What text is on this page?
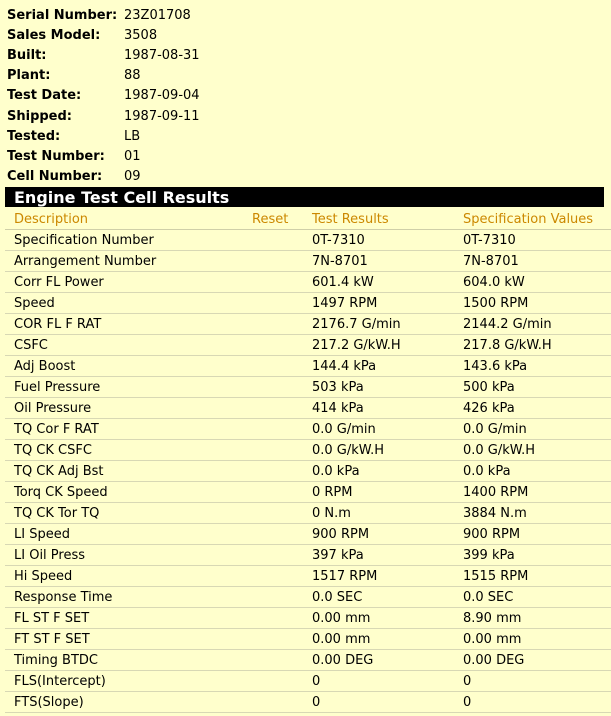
Serial Number: 23Z01708
Sales Model:	3508
Built:	1987-08-31
Plant:	88
Test Date:	1987-09-04
Shipped:	1987-09-11
Tested:	LB
Test Number:	01
Cell Number:	09
Engine Test Cell Results
Description	Reset	Test Results	Specification Values
Specification Number		0T-7310	0T-7310
Arrangement Number		7N-8701	7N-8701
Corr FL Power		601.4 kW	604.0 kW
Speed		1497 RPM	1500 RPM
COR FL F RAT		2176.7 G/min	2144.2 G/min
CSFC		217.2 G/kW.H	217.8 G/kW.H
Adj Boost		144.4 kPa	143.6 kPa
Fuel Pressure		503 kPa	500 kPa
Oil Pressure		414 kPa	426 kPa
TQ Cor F RAT		0.0 G/min	0.0 G/min
TQ CK CSFC		0.0 G/kW.H	0.0 G/kW.H
TQ CK Adj Bst		0.0 kPa	0.0 kPa
Torq CK Speed		0 RPM	1400 RPM
TQ CK Tor TQ		0 N.m	3884 N.m
LI Speed		900 RPM	900 RPM
LI Oil Press		397 kPa	399 kPa
Hi Speed		1517 RPM	1515 RPM
Response Time		0.0 SEC	0.0 SEC
FL ST F SET		0.00 mm	8.90 mm
FT ST F SET		0.00 mm	0.00 mm
Timing BTDC		0.00 DEG	0.00 DEG
FLS(Intercept)		0	0
FTS(Slope)		0	0
